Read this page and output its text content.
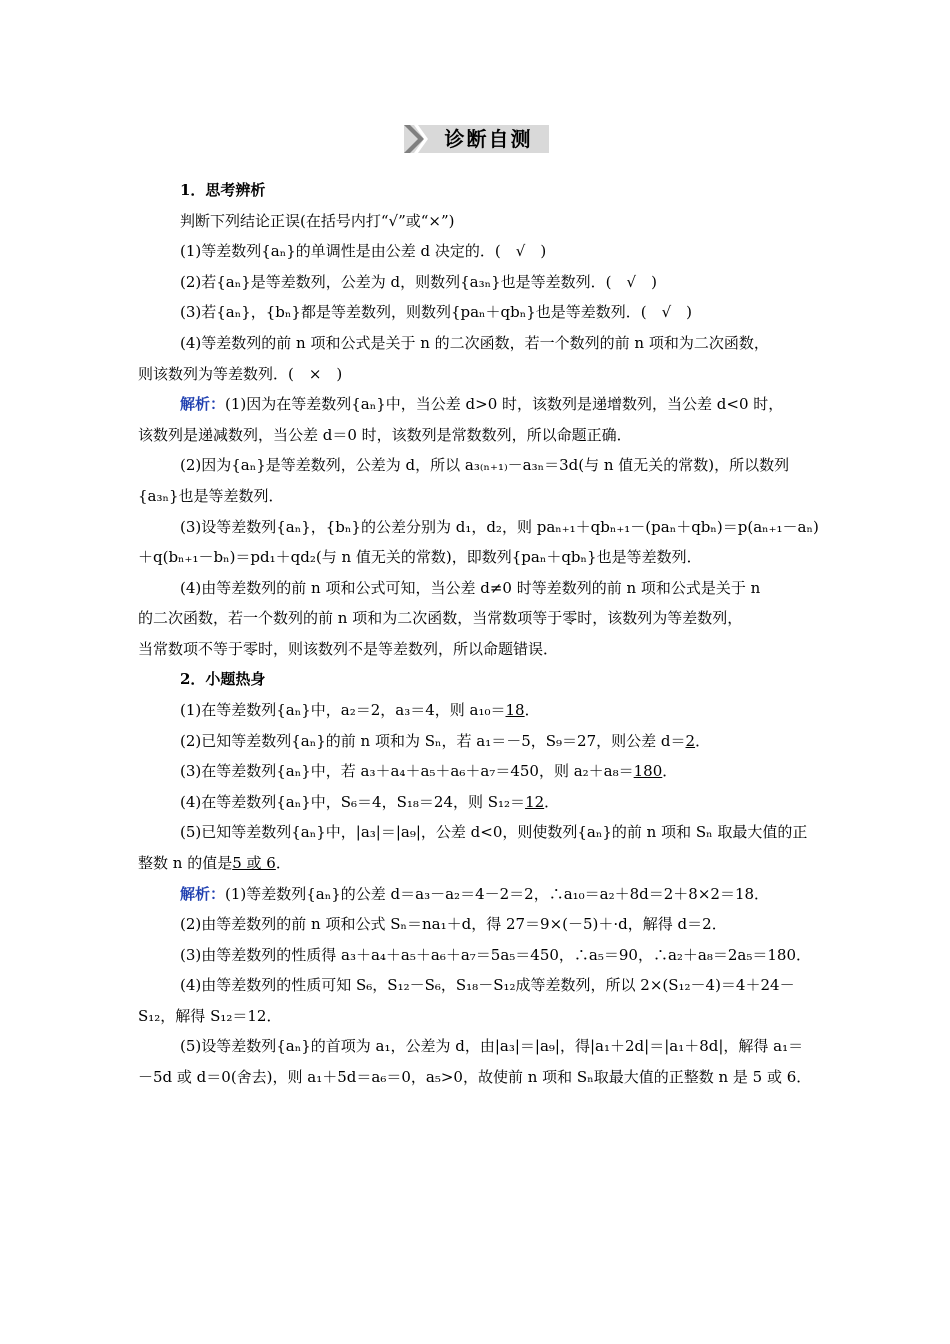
诊断自测
1．思考辨析
判断下列结论正误(在括号内打“√”或“×”)
(1)等差数列{aₙ}的单调性是由公差 d 决定的．(　√　)
(2)若{aₙ}是等差数列，公差为 d，则数列{a₃ₙ}也是等差数列．(　√　)
(3)若{aₙ}，{bₙ}都是等差数列，则数列{paₙ＋qbₙ}也是等差数列．(　√　)
(4)等差数列的前 n 项和公式是关于 n 的二次函数，若一个数列的前 n 项和为二次函数，
则该数列为等差数列．(　×　)
解析：(1)因为在等差数列{aₙ}中，当公差 d>0 时，该数列是递增数列，当公差 d<0 时，
该数列是递减数列，当公差 d＝0 时，该数列是常数数列，所以命题正确．
(2)因为{aₙ}是等差数列，公差为 d，所以 a₃₍ₙ₊₁₎－a₃ₙ＝3d(与 n 值无关的常数)，所以数列
{a₃ₙ}也是等差数列．
(3)设等差数列{aₙ}，{bₙ}的公差分别为 d₁，d₂，则 paₙ₊₁＋qbₙ₊₁－(paₙ＋qbₙ)＝p(aₙ₊₁－aₙ)
＋q(bₙ₊₁－bₙ)＝pd₁＋qd₂(与 n 值无关的常数)，即数列{paₙ＋qbₙ}也是等差数列．
(4)由等差数列的前 n 项和公式可知，当公差 d≠0 时等差数列的前 n 项和公式是关于 n
的二次函数，若一个数列的前 n 项和为二次函数，当常数项等于零时，该数列为等差数列，
当常数项不等于零时，则该数列不是等差数列，所以命题错误．
2．小题热身
(1)在等差数列{aₙ}中，a₂＝2，a₃＝4，则 a₁₀＝18．
(2)已知等差数列{aₙ}的前 n 项和为 Sₙ，若 a₁＝－5，S₉＝27，则公差 d＝2．
(3)在等差数列{aₙ}中，若 a₃＋a₄＋a₅＋a₆＋a₇＝450，则 a₂＋a₈＝180．
(4)在等差数列{aₙ}中，S₆＝4，S₁₈＝24，则 S₁₂＝12．
(5)已知等差数列{aₙ}中，|a₃|＝|a₉|，公差 d<0，则使数列{aₙ}的前 n 项和 Sₙ 取最大值的正
整数 n 的值是5 或 6．
解析：(1)等差数列{aₙ}的公差 d＝a₃－a₂＝4－2＝2，∴a₁₀＝a₂＋8d＝2＋8×2＝18．
(2)由等差数列的前 n 项和公式 Sₙ＝na₁＋d，得 27＝9×(－5)＋·d，解得 d＝2．
(3)由等差数列的性质得 a₃＋a₄＋a₅＋a₆＋a₇＝5a₅＝450，∴a₅＝90，∴a₂＋a₈＝2a₅＝180．
(4)由等差数列的性质可知 S₆，S₁₂－S₆，S₁₈－S₁₂成等差数列，所以 2×(S₁₂－4)＝4＋24－
S₁₂，解得 S₁₂＝12．
(5)设等差数列{aₙ}的首项为 a₁，公差为 d，由|a₃|＝|a₉|，得|a₁＋2d|＝|a₁＋8d|，解得 a₁＝
－5d 或 d＝0(舍去)，则 a₁＋5d＝a₆＝0，a₅>0，故使前 n 项和 Sₙ取最大值的正整数 n 是 5 或 6．
